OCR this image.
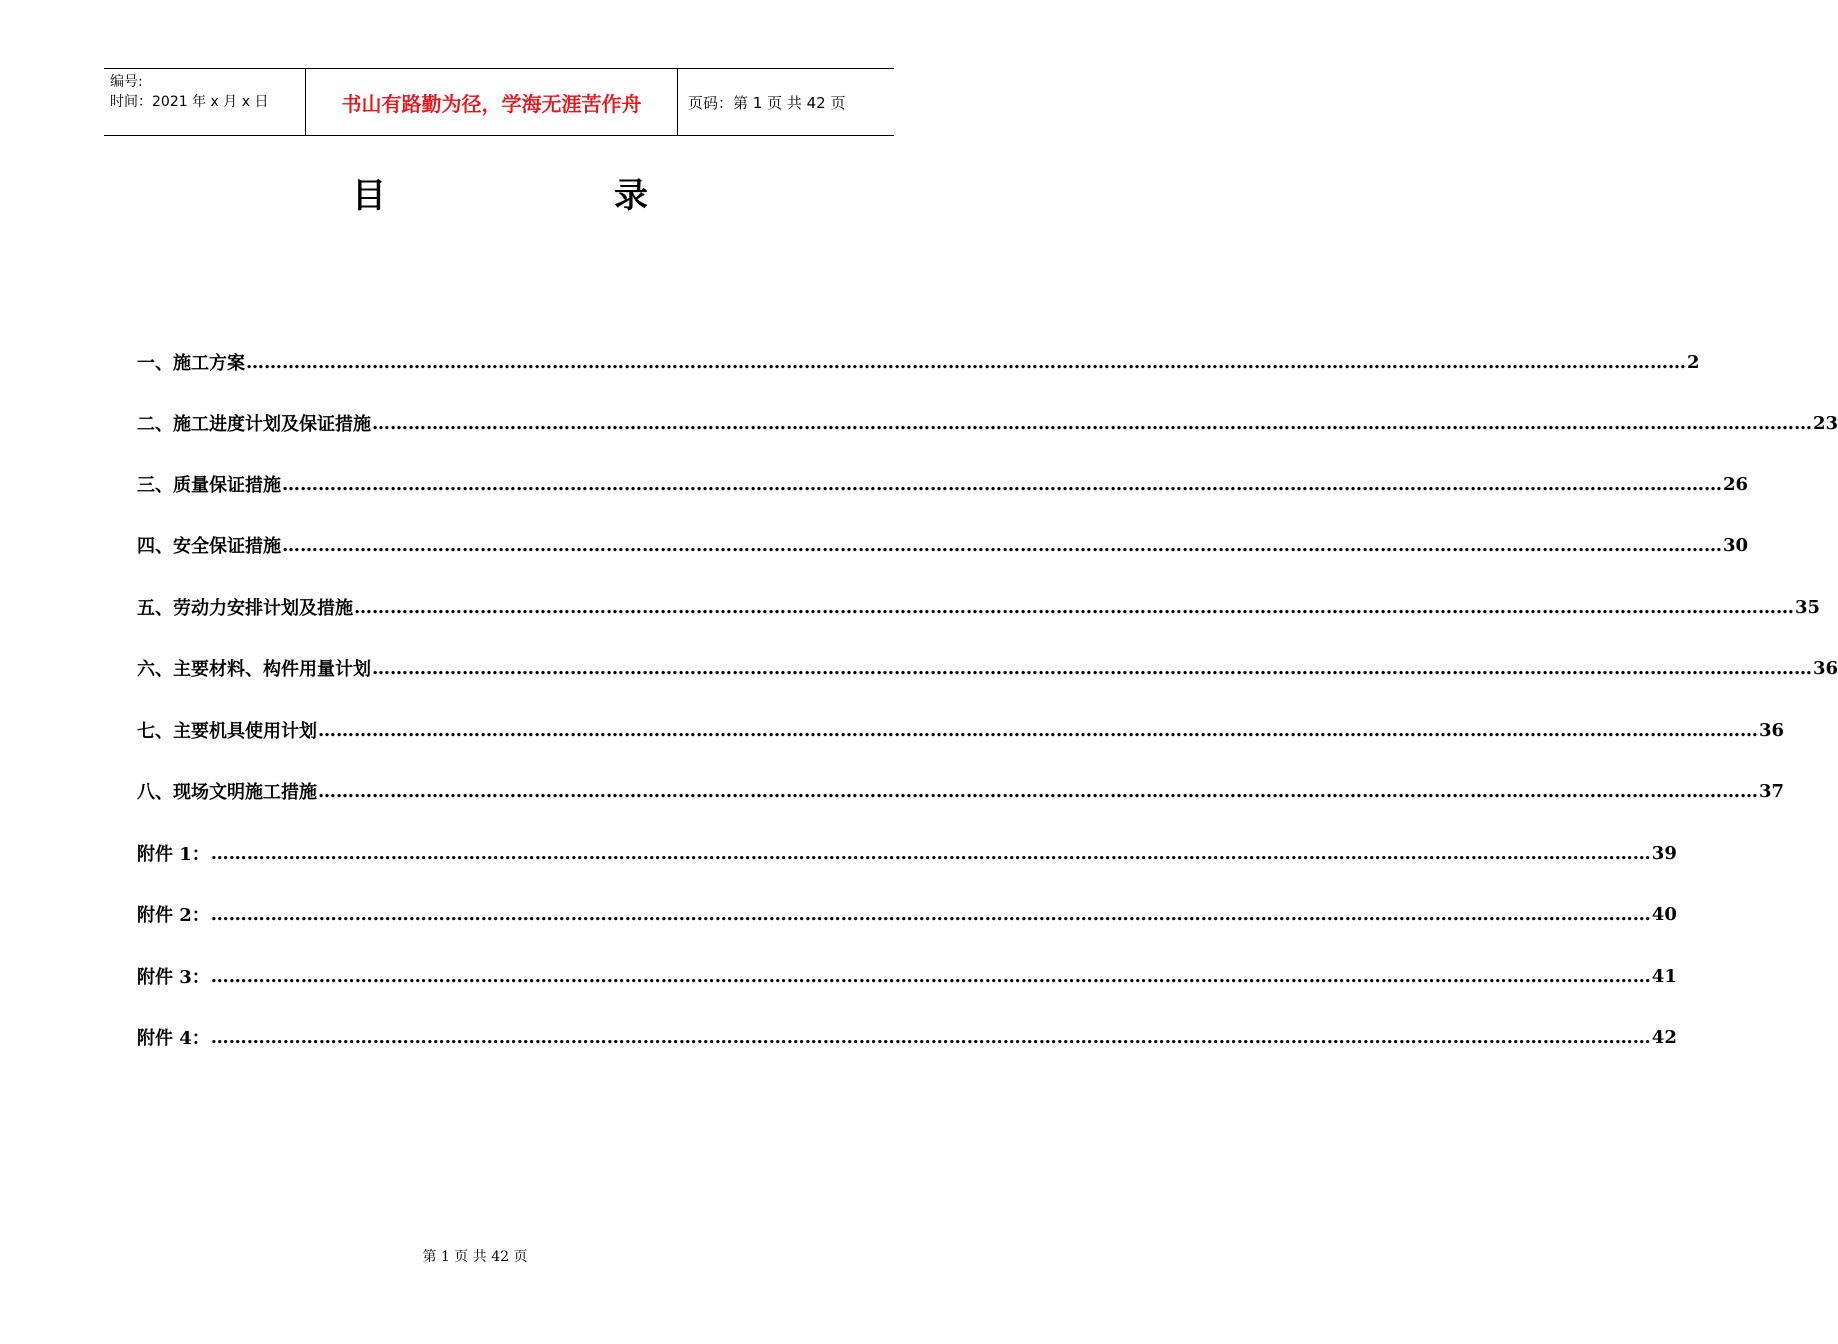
编号:
时间：2021 年 x 月 x 日	书山有路勤为径，学海无涯苦作舟	页码：第 1 页 共 42 页
目	录
一、 施工方案 …………………………………………………………………………………………………………………………………………………………………………………………………………………… 2
二、 施工进度计划及保证措施 …………………………………………………………………………………………………………………………………………………………………………………………………………………… 23
三、 质量保证措施 …………………………………………………………………………………………………………………………………………………………………………………………………………………… 26
四、 安全保证措施 …………………………………………………………………………………………………………………………………………………………………………………………………………………… 30
五、 劳动力安排计划及措施 …………………………………………………………………………………………………………………………………………………………………………………………………………………… 35
六、 主要材料、构件用量计划 …………………………………………………………………………………………………………………………………………………………………………………………………………………… 36
七、 主要机具使用计划 …………………………………………………………………………………………………………………………………………………………………………………………………………………… 36
八、现场文明施工措施 …………………………………………………………………………………………………………………………………………………………………………………………………………………… 37
附件 1： …………………………………………………………………………………………………………………………………………………………………………………………………………………… 39
附件 2： …………………………………………………………………………………………………………………………………………………………………………………………………………………… 40
附件 3： …………………………………………………………………………………………………………………………………………………………………………………………………………………… 41
附件 4： …………………………………………………………………………………………………………………………………………………………………………………………………………………… 42
第 1 页 共 42 页
